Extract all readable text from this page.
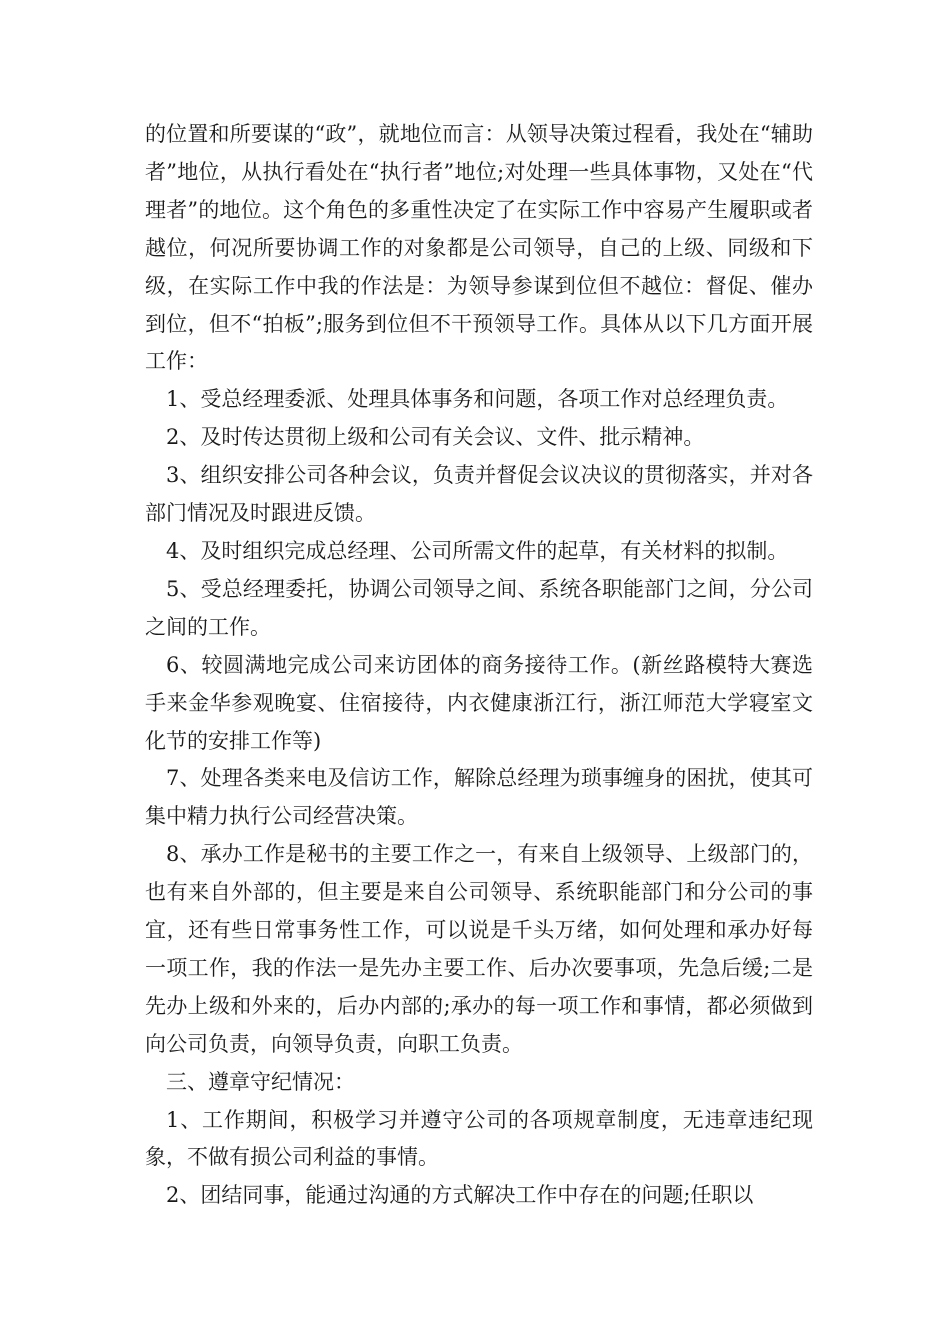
的位置和所要谋的“政”，就地位而言：从领导决策过程看，我处在“辅助者”地位，从执行看处在“执行者”地位;对处理一些具体事物，又处在“代理者”的地位。这个角色的多重性决定了在实际工作中容易产生履职或者越位，何况所要协调工作的对象都是公司领导，自己的上级、同级和下级，在实际工作中我的作法是：为领导参谋到位但不越位：督促、催办到位，但不“拍板”;服务到位但不干预领导工作。具体从以下几方面开展工作：

1、受总经理委派、处理具体事务和问题，各项工作对总经理负责。

2、及时传达贯彻上级和公司有关会议、文件、批示精神。

3、组织安排公司各种会议，负责并督促会议决议的贯彻落实，并对各部门情况及时跟进反馈。

4、及时组织完成总经理、公司所需文件的起草，有关材料的拟制。

5、受总经理委托，协调公司领导之间、系统各职能部门之间，分公司之间的工作。

6、较圆满地完成公司来访团体的商务接待工作。(新丝路模特大赛选手来金华参观晚宴、住宿接待，内衣健康浙江行，浙江师范大学寝室文化节的安排工作等)

7、处理各类来电及信访工作，解除总经理为琐事缠身的困扰，使其可集中精力执行公司经营决策。

8、承办工作是秘书的主要工作之一，有来自上级领导、上级部门的，也有来自外部的，但主要是来自公司领导、系统职能部门和分公司的事宜，还有些日常事务性工作，可以说是千头万绪，如何处理和承办好每一项工作，我的作法一是先办主要工作、后办次要事项，先急后缓;二是先办上级和外来的，后办内部的;承办的每一项工作和事情，都必须做到向公司负责，向领导负责，向职工负责。

三、遵章守纪情况：

1、工作期间，积极学习并遵守公司的各项规章制度，无违章违纪现象，不做有损公司利益的事情。

2、团结同事，能通过沟通的方式解决工作中存在的问题;任职以
